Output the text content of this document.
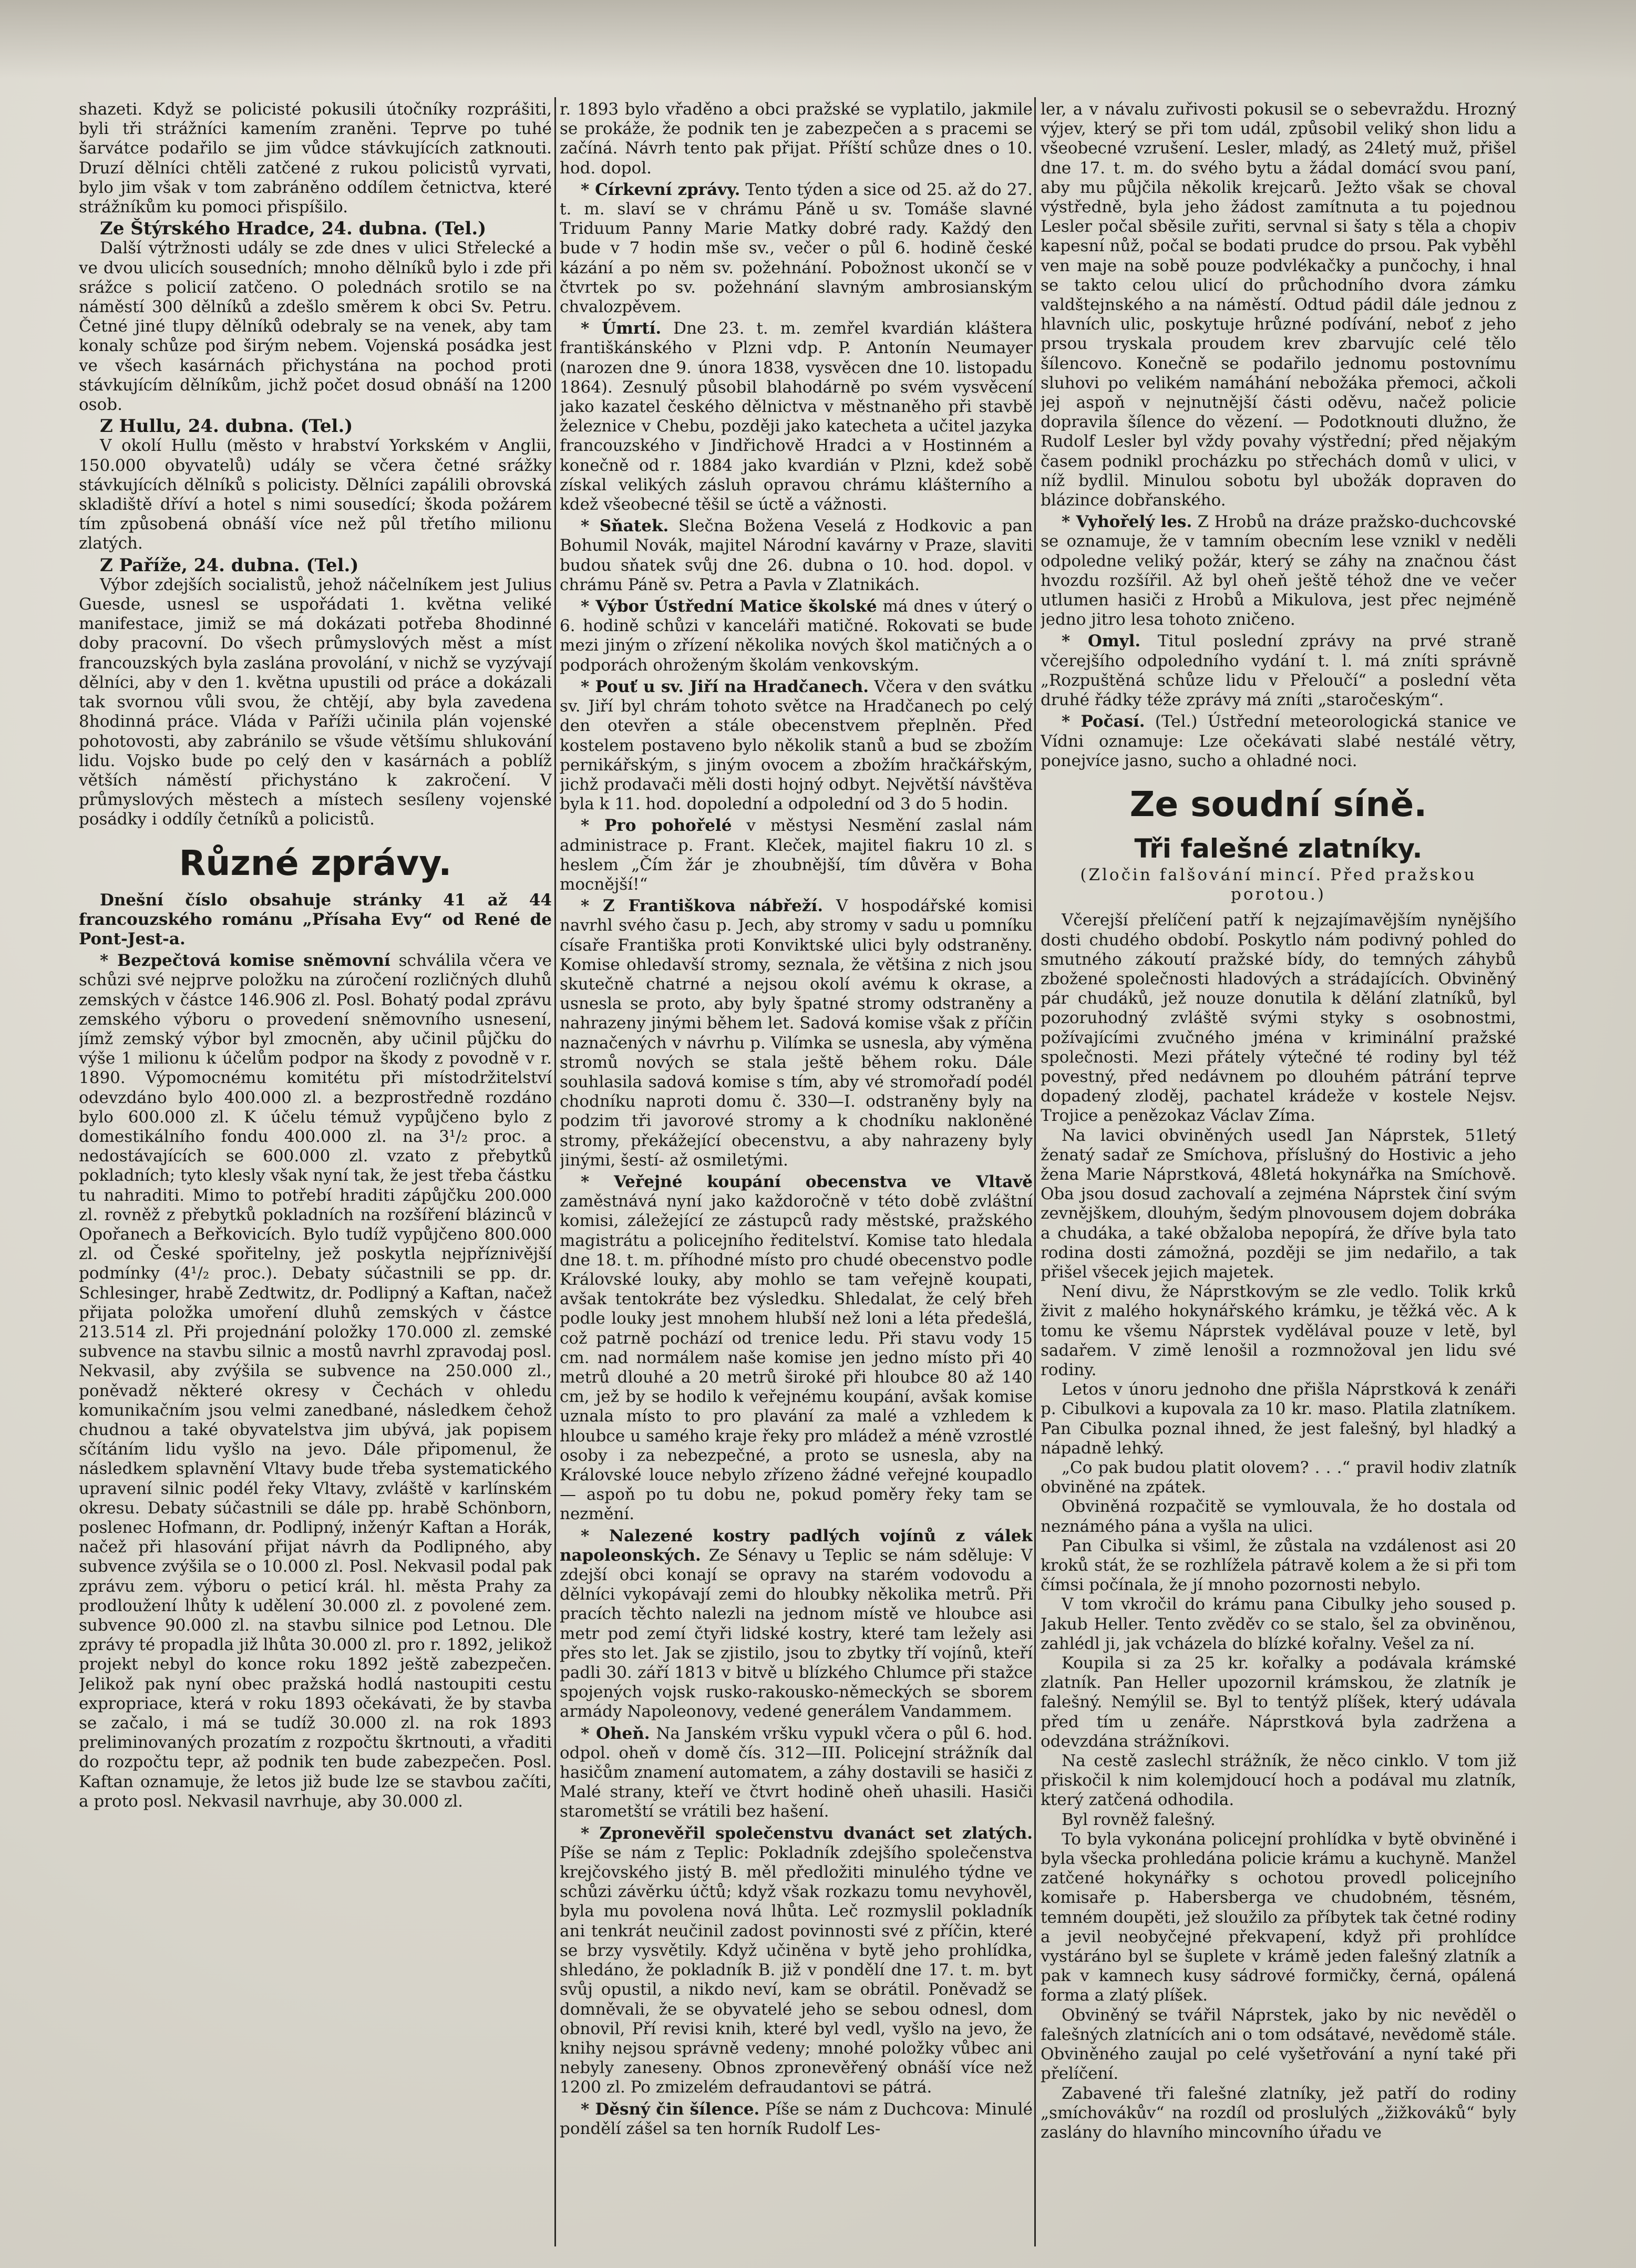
shazeti. Když se policisté pokusili útočníky rozprášiti, byli tři strážníci kamením zraněni. Teprve po tuhé šarvátce podařilo se jim vůdce stávkujících zatknouti. Druzí dělníci chtěli zatčené z rukou policistů vyrvati, bylo jim však v tom zabráněno oddílem četnictva, které strážníkům ku pomoci přispíšilo.

Ze Štýrského Hradce, 24. dubna. (Tel.)

Další výtržnosti udály se zde dnes v ulici Střelecké a ve dvou ulicích sousedních; mnoho dělníků bylo i zde při srážce s policií zatčeno. O polednách srotilo se na náměstí 300 dělníků a zdešlo směrem k obci Sv. Petru. Četné jiné tlupy dělníků odebraly se na venek, aby tam konaly schůze pod širým nebem. Vojenská posádka jest ve všech kasárnách přichystána na pochod proti stávkujícím dělníkům, jichž počet dosud obnáší na 1200 osob.

Z Hullu, 24. dubna. (Tel.)

V okolí Hullu (město v hrabství Yorkském v Anglii, 150.000 obyvatelů) udály se včera četné srážky stávkujících dělníků s policisty. Dělníci zapálili obrovská skladiště dříví a hotel s nimi sousedící; škoda požárem tím způsobená obnáší více než půl třetího milionu zlatých.

Z Paříže, 24. dubna. (Tel.)

Výbor zdejších socialistů, jehož náčelníkem jest Julius Guesde, usnesl se uspořádati 1. května veliké manifestace, jimiž se má dokázati potřeba 8hodinné doby pracovní. Do všech průmyslových měst a míst francouzských byla zaslána provolání, v nichž se vyzývají dělníci, aby v den 1. května upustili od práce a dokázali tak svornou vůli svou, že chtějí, aby byla zavedena 8hodinná práce. Vláda v Paříži učinila plán vojenské pohotovosti, aby zabránilo se všude většímu shlukování lidu. Vojsko bude po celý den v kasárnách a poblíž větších náměstí přichystáno k zakročení. V průmyslových městech a místech sesíleny vojenské posádky i oddíly četníků a policistů.

Různé zprávy.

Dnešní číslo obsahuje stránky 41 až 44 francouzského románu „Přísaha Evy“ od René de Pont-Jest-a.

* Bezpečtová komise sněmovní schválila včera ve schůzi své nejprve položku na zúročení rozličných dluhů zemských v částce 146.906 zl. Posl. Bohatý podal zprávu zemského výboru o provedení sněmovního usnesení, jímž zemský výbor byl zmocněn, aby učinil půjčku do výše 1 milionu k účelům podpor na škody z povodně v r. 1890. Výpomocnému komitétu při místodržitelství odevzdáno bylo 400.000 zl. a bezprostředně rozdáno bylo 600.000 zl. K účelu témuž vypůjčeno bylo z domestikálního fondu 400.000 zl. na 3¹/₂ proc. a nedostávajících se 600.000 zl. vzato z přebytků pokladních; tyto klesly však nyní tak, že jest třeba částku tu nahraditi. Mimo to potřebí hraditi zápůjčku 200.000 zl. rovněž z přebytků pokladních na rozšíření blázinců v Opořanech a Beřkovicích. Bylo tudíž vypůjčeno 800.000 zl. od České spořitelny, jež poskytla nejpříznivější podmínky (4¹/₂ proc.). Debaty súčastnili se pp. dr. Schlesinger, hrabě Zedtwitz, dr. Podlipný a Kaftan, načež přijata položka umoření dluhů zemských v částce 213.514 zl. Při projednání položky 170.000 zl. zemské subvence na stavbu silnic a mostů navrhl zpravodaj posl. Nekvasil, aby zvýšila se subvence na 250.000 zl., poněvadž některé okresy v Čechách v ohledu komunikačním jsou velmi zanedbané, následkem čehož chudnou a také obyvatelstva jim ubývá, jak popisem sčítáním lidu vyšlo na jevo. Dále připomenul, že následkem splavnění Vltavy bude třeba systematického upravení silnic podél řeky Vltavy, zvláště v karlínském okresu. Debaty súčastnili se dále pp. hrabě Schönborn, poslenec Hofmann, dr. Podlipný, inženýr Kaftan a Horák, načež při hlasování přijat návrh da Podlipného, aby subvence zvýšila se o 10.000 zl. Posl. Nekvasil podal pak zprávu zem. výboru o peticí král. hl. města Prahy za prodloužení lhůty k udělení 30.000 zl. z povolené zem. subvence 90.000 zl. na stavbu silnice pod Letnou. Dle zprávy té propadla již lhůta 30.000 zl. pro r. 1892, jelikož projekt nebyl do konce roku 1892 ještě zabezpečen. Jelikož pak nyní obec pražská hodlá nastoupiti cestu expropriace, která v roku 1893 očekávati, že by stavba se začalo, i má se tudíž 30.000 zl. na rok 1893 preliminovaných prozatím z rozpočtu škrtnouti, a vřaditi do rozpočtu tepr, až podnik ten bude zabezpečen. Posl. Kaftan oznamuje, že letos již bude lze se stavbou začíti, a proto posl. Nekvasil navrhuje, aby 30.000 zl.

r. 1893 bylo vřaděno a obci pražské se vyplatilo, jakmile se prokáže, že podnik ten je zabezpečen a s pracemi se začíná. Návrh tento pak přijat. Příští schůze dnes o 10. hod. dopol.

* Církevní zprávy. Tento týden a sice od 25. až do 27. t. m. slaví se v chrámu Páně u sv. Tomáše slavné Triduum Panny Marie Matky dobré rady. Každý den bude v 7 hodin mše sv., večer o půl 6. hodině české kázání a po něm sv. požehnání. Pobožnost ukončí se v čtvrtek po sv. požehnání slavným ambrosianským chvalozpěvem.

* Úmrtí. Dne 23. t. m. zemřel kvardián kláštera františkánského v Plzni vdp. P. Antonín Neumayer (narozen dne 9. února 1838, vysvěcen dne 10. listopadu 1864). Zesnulý působil blahodárně po svém vysvěcení jako kazatel českého dělnictva v městnaněho při stavbě železnice v Chebu, později jako katecheta a učitel jazyka francouzského v Jindřichově Hradci a v Hostinném a konečně od r. 1884 jako kvardián v Plzni, kdež sobě získal velikých zásluh opravou chrámu klášterního a kdež všeobecné těšil se úctě a vážnosti.

* Sňatek. Slečna Božena Veselá z Hodkovic a pan Bohumil Novák, majitel Národní kavárny v Praze, slaviti budou sňatek svůj dne 26. dubna o 10. hod. dopol. v chrámu Páně sv. Petra a Pavla v Zlatnikách.

* Výbor Ústřední Matice školské má dnes v úterý o 6. hodině schůzi v kanceláři matičné. Rokovati se bude mezi jiným o zřízení několika nových škol matičných a o podporách ohroženým školám venkovským.

* Pouť u sv. Jiří na Hradčanech. Včera v den svátku sv. Jiří byl chrám tohoto světce na Hradčanech po celý den otevřen a stále obecenstvem přeplněn. Před kostelem postaveno bylo několik stanů a bud se zbožím pernikářským, s jiným ovocem a zbožím hračkářským, jichž prodavači měli dosti hojný odbyt. Největší návštěva byla k 11. hod. dopolední a odpolední od 3 do 5 hodin.

* Pro pohořelé v městysi Nesmění zaslal nám administrace p. Frant. Kleček, majitel fiakru 10 zl. s heslem „Čím žár je zhoubnější, tím důvěra v Boha mocnější!“

* Z Františkova nábřeží. V hospodářské komisi navrhl svého času p. Jech, aby stromy v sadu u pomníku císaře Františka proti Konviktské ulici byly odstraněny. Komise ohledavší stromy, seznala, že většina z nich jsou skutečně chatrné a nejsou okolí avému k okrase, a usnesla se proto, aby byly špatné stromy odstraněny a nahrazeny jinými během let. Sadová komise však z příčin naznačených v návrhu p. Vilímka se usnesla, aby výměna stromů nových se stala ještě během roku. Dále souhlasila sadová komise s tím, aby vé stromořadí podél chodníku naproti domu č. 330—I. odstraněny byly na podzim tři javorové stromy a k chodníku nakloněné stromy, překážející obecenstvu, a aby nahrazeny byly jinými, šestí- až osmiletými.

* Veřejné koupání obecenstva ve Vltavě zaměstnává nyní jako každoročně v této době zvláštní komisi, záležející ze zástupců rady městské, pražského magistrátu a policejního ředitelství. Komise tato hledala dne 18. t. m. příhodné místo pro chudé obecenstvo podle Královské louky, aby mohlo se tam veřejně koupati, avšak tentokráte bez výsledku. Shledalat, že celý břeh podle louky jest mnohem hlubší než loni a léta předešlá, což patrně pochází od trenice ledu. Při stavu vody 15 cm. nad normálem naše komise jen jedno místo při 40 metrů dlouhé a 20 metrů široké při hloubce 80 až 140 cm, jež by se hodilo k veřejnému koupání, avšak komise uznala místo to pro plavání za malé a vzhledem k hloubce u samého kraje řeky pro mládež a méně vzrostlé osoby i za nebezpečné, a proto se usnesla, aby na Královské louce nebylo zřízeno žádné veřejné koupadlo — aspoň po tu dobu ne, pokud poměry řeky tam se nezmění.

* Nalezené kostry padlých vojínů z válek napoleonských. Ze Sénavy u Teplic se nám sděluje: V zdejší obci konají se opravy na starém vodovodu a dělníci vykopávají zemi do hloubky několika metrů. Při pracích těchto nalezli na jednom místě ve hloubce asi metr pod zemí čtyři lidské kostry, které tam ležely asi přes sto let. Jak se zjistilo, jsou to zbytky tří vojínů, kteří padli 30. září 1813 v bitvě u blízkého Chlumce při stažce spojených vojsk rusko-rakousko-německých se sborem armády Napoleonovy, vedené generálem Vandammem.

* Oheň. Na Janském vršku vypukl včera o půl 6. hod. odpol. oheň v domě čís. 312—III. Policejní strážník dal hasičům znamení automatem, a záhy dostavili se hasiči z Malé strany, kteří ve čtvrt hodině oheň uhasili. Hasiči starometští se vrátili bez hašení.

* Zpronevěřil společenstvu dvanáct set zlatých. Píše se nám z Teplic: Pokladník zdejšího společenstva krejčovského jistý B. měl předložiti minulého týdne ve schůzi závěrku účtů; když však rozkazu tomu nevyhověl, byla mu povolena nová lhůta. Leč rozmyslil pokladník ani tenkrát neučinil zadost povinnosti své z příčin, které se brzy vysvětily. Když učiněna v bytě jeho prohlídka, shledáno, že pokladník B. již v pondělí dne 17. t. m. byt svůj opustil, a nikdo neví, kam se obrátil. Poněvadž se domněvali, že se obyvatelé jeho se sebou odnesl, dom obnovil, Pří revisi knih, které byl vedl, vyšlo na jevo, že knihy nejsou správně vedeny; mnohé položky vůbec ani nebyly zaneseny. Obnos zpronevěřený obnáší více než 1200 zl. Po zmizelém defraudantovi se pátrá.

* Děsný čin šílence. Píše se nám z Duchcova: Minulé pondělí zášel sa ten horník Rudolf Les-

ler, a v návalu zuřivosti pokusil se o sebevraždu. Hrozný výjev, který se při tom udál, způsobil veliký shon lidu a všeobecné vzrušení. Lesler, mladý, as 24letý muž, přišel dne 17. t. m. do svého bytu a žádal domácí svou paní, aby mu půjčila několik krejcarů. Ježto však se choval výstředně, byla jeho žádost zamítnuta a tu pojednou Lesler počal sběsile zuřiti, servnal si šaty s těla a chopiv kapesní nůž, počal se bodati prudce do prsou. Pak vyběhl ven maje na sobě pouze podvlékačky a punčochy, i hnal se takto celou ulicí do průchodního dvora zámku valdštejnského a na náměstí. Odtud pádil dále jednou z hlavních ulic, poskytuje hrůzné podívání, neboť z jeho prsou tryskala proudem krev zbarvujíc celé tělo šílencovo. Konečně se podařilo jednomu postovnímu sluhovi po velikém namáhání nebožáka přemoci, ačkoli jej aspoň v nejnutnější části oděvu, načež policie dopravila šílence do vězení. — Podotknouti dlužno, že Rudolf Lesler byl vždy povahy výstřední; před nějakým časem podnikl procházku po střechách domů v ulici, v níž bydlil. Minulou sobotu byl ubožák dopraven do blázince dobřanského.

* Vyhořelý les. Z Hrobů na dráze pražsko-duchcovské se oznamuje, že v tamním obecním lese vznikl v neděli odpoledne veliký požár, který se záhy na značnou část hvozdu rozšířil. Až byl oheň ještě téhož dne ve večer utlumen hasiči z Hrobů a Mikulova, jest přec nejméně jedno jitro lesa tohoto zničeno.

* Omyl. Titul poslední zprávy na prvé straně včerejšího odpoledního vydání t. l. má zníti správně „Rozpuštěná schůze lidu v Přeloučí“ a poslední věta druhé řádky téže zprávy má zníti „staročeským“.

* Počasí. (Tel.) Ústřední meteorologická stanice ve Vídni oznamuje: Lze očekávati slabé nestálé větry, ponejvíce jasno, sucho a ohladné noci.

Ze soudní síně.
Tři falešné zlatníky.
(Zločin falšování mincí. Před pražskou porotou.)

Včerejší přelíčení patří k nejzajímavějším nynějšího dosti chudého období. Poskytlo nám podivný pohled do smutného zákoutí pražské bídy, do temných záhybů zbožené společnosti hladových a strádajících. Obviněný pár chudáků, jež nouze donutila k dělání zlatníků, byl pozoruhodný zvláště svými styky s osobnostmi, požívajícími zvučného jména v kriminální pražské společnosti. Mezi přátely výtečné té rodiny byl též povestný, před nedávnem po dlouhém pátrání teprve dopadený zloděj, pachatel krádeže v kostele Nejsv. Trojice a penězokaz Václav Zíma.

Na lavici obviněných usedl Jan Náprstek, 51letý ženatý sadař ze Smíchova, příslušný do Hostivic a jeho žena Marie Náprstková, 48letá hokynářka na Smíchově. Oba jsou dosud zachovalí a zejména Náprstek činí svým zevnějškem, dlouhým, šedým plnovousem dojem dobráka a chudáka, a také obžaloba nepopírá, že dříve byla tato rodina dosti zámožná, později se jim nedařilo, a tak přišel všecek jejich majetek.

Není divu, že Náprstkovým se zle vedlo. Tolik krků živit z malého hokynářského krámku, je těžká věc. A k tomu ke všemu Náprstek vydělával pouze v letě, byl sadařem. V zimě lenošil a rozmnožoval jen lidu své rodiny.

Letos v únoru jednoho dne přišla Náprstková k zenáři p. Cibulkovi a kupovala za 10 kr. maso. Platila zlatníkem. Pan Cibulka poznal ihned, že jest falešný, byl hladký a nápadně lehký.

„Co pak budou platit olovem? . . .“ pravil hodiv zlatník obviněné na zpátek.

Obviněná rozpačitě se vymlouvala, že ho dostala od neznámého pána a vyšla na ulici.

Pan Cibulka si všiml, že zůstala na vzdálenost asi 20 kroků stát, že se rozhlížela pátravě kolem a že si při tom čímsi počínala, že jí mnoho pozornosti nebylo.

V tom vkročil do krámu pana Cibulky jeho soused p. Jakub Heller. Tento zvěděv co se stalo, šel za obviněnou, zahlédl ji, jak vcházela do blízké kořalny. Vešel za ní.

Koupila si za 25 kr. kořalky a podávala krámské zlatník. Pan Heller upozornil krámskou, že zlatník je falešný. Nemýlil se. Byl to tentýž plíšek, který udávala před tím u zenáře. Náprstková byla zadržena a odevzdána strážníkovi.

Na cestě zaslechl strážník, že něco cinklo. V tom již přiskočil k nim kolemjdoucí hoch a podával mu zlatník, který zatčená odhodila.

Byl rovněž falešný.

To byla vykonána policejní prohlídka v bytě obviněné i byla všecka prohledána policie krámu a kuchyně. Manžel zatčené hokynářky s ochotou provedl policejního komisaře p. Habersberga ve chudobném, těsném, temném doupěti, jež sloužilo za příbytek tak četné rodiny a jevil neobyčejné překvapení, když při prohlídce vystáráno byl se šuplete v krámě jeden falešný zlatník a pak v kamnech kusy sádrové formičky, černá, opálená forma a zlatý plíšek.

Obviněný se tvářil Náprstek, jako by nic nevěděl o falešných zlatnících ani o tom odsátavé, nevědomě stále. Obviněného zaujal po celé vyšetřování a nyní také při přelíčení.

Zabavené tři falešné zlatníky, jež patří do rodiny „smíchovákův“ na rozdíl od proslulých „žižkováků“ byly zaslány do hlavního mincovního úřadu ve
